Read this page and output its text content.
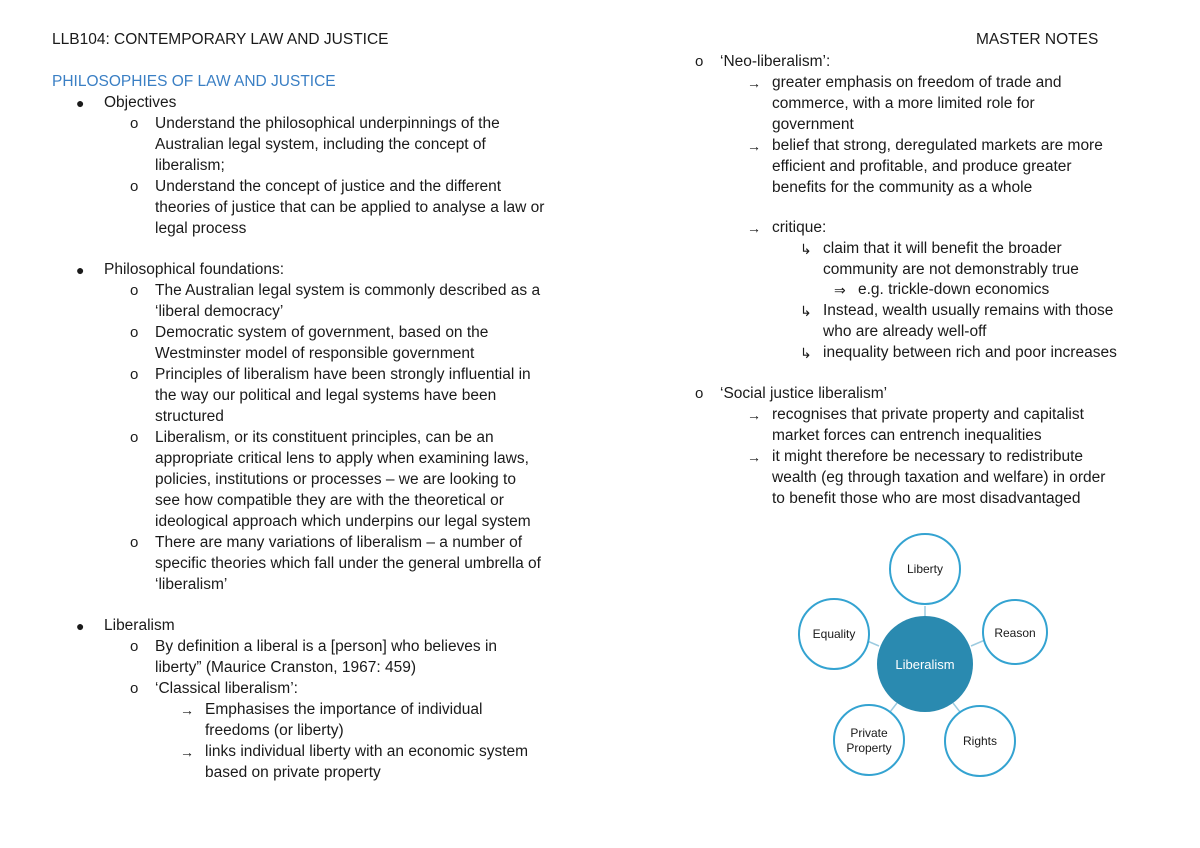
LLB104: CONTEMPORARY LAW AND JUSTICE	MASTER NOTES
PHILOSOPHIES OF LAW AND JUSTICE
● Objectives
o Understand the philosophical underpinnings of the
Australian legal system, including the concept of
liberalism;
o Understand the concept of justice and the different
theories of justice that can be applied to analyse a law or
legal process
● Philosophical foundations:
o The Australian legal system is commonly described as a
‘liberal democracy’
o Democratic system of government, based on the
Westminster model of responsible government
o Principles of liberalism have been strongly influential in
the way our political and legal systems have been
structured
o Liberalism, or its constituent principles, can be an
appropriate critical lens to apply when examining laws,
policies, institutions or processes – we are looking to
see how compatible they are with the theoretical or
ideological approach which underpins our legal system
o There are many variations of liberalism – a number of
specific theories which fall under the general umbrella of
‘liberalism’
● Liberalism
o By definition a liberal is a [person] who believes in
liberty” (Maurice Cranston, 1967: 459)
o ‘Classical liberalism’:
→ Emphasises the importance of individual
freedoms (or liberty)
→ links individual liberty with an economic system
based on private property
o ‘Neo-liberalism’:
→ greater emphasis on freedom of trade and
commerce, with a more limited role for
government
→ belief that strong, deregulated markets are more
efficient and profitable, and produce greater
benefits for the community as a whole
→ critique:
↳ claim that it will benefit the broader
community are not demonstrably true
⇒ e.g. trickle-down economics
↳ Instead, wealth usually remains with those
who are already well-off
↳ inequality between rich and poor increases
o ‘Social justice liberalism’
→ recognises that private property and capitalist
market forces can entrench inequalities
→ it might therefore be necessary to redistribute
wealth (eg through taxation and welfare) in order
to benefit those who are most disadvantaged
Liberalism
Liberty
Reason
Rights
Private
Property
Equality
